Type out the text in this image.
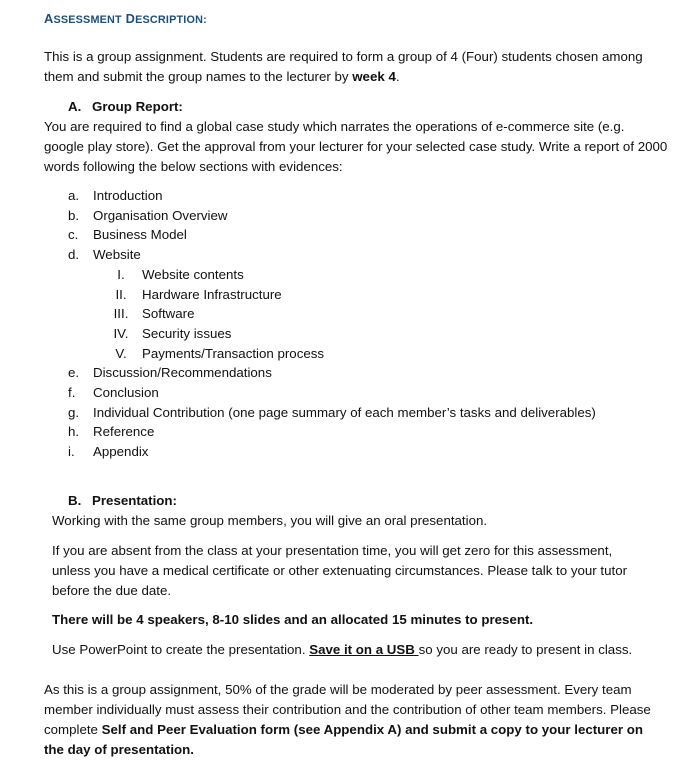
ASSESSMENT DESCRIPTION:
This is a group assignment. Students are required to form a group of 4 (Four) students chosen among them and submit the group names to the lecturer by week 4.
A. Group Report:
You are required to find a global case study which narrates the operations of e-commerce site (e.g. google play store). Get the approval from your lecturer for your selected case study. Write a report of 2000 words following the below sections with evidences:
a. Introduction
b. Organisation Overview
c. Business Model
d. Website
I. Website contents
II. Hardware Infrastructure
III. Software
IV. Security issues
V. Payments/Transaction process
e. Discussion/Recommendations
f. Conclusion
g. Individual Contribution (one page summary of each member’s tasks and deliverables)
h. Reference
i. Appendix
B. Presentation:
Working with the same group members, you will give an oral presentation.
If you are absent from the class at your presentation time, you will get zero for this assessment, unless you have a medical certificate or other extenuating circumstances. Please talk to your tutor before the due date.
There will be 4 speakers, 8-10 slides and an allocated 15 minutes to present.
Use PowerPoint to create the presentation. Save it on a USB so you are ready to present in class.
As this is a group assignment, 50% of the grade will be moderated by peer assessment. Every team member individually must assess their contribution and the contribution of other team members. Please complete Self and Peer Evaluation form (see Appendix A) and submit a copy to your lecturer on the day of presentation.
